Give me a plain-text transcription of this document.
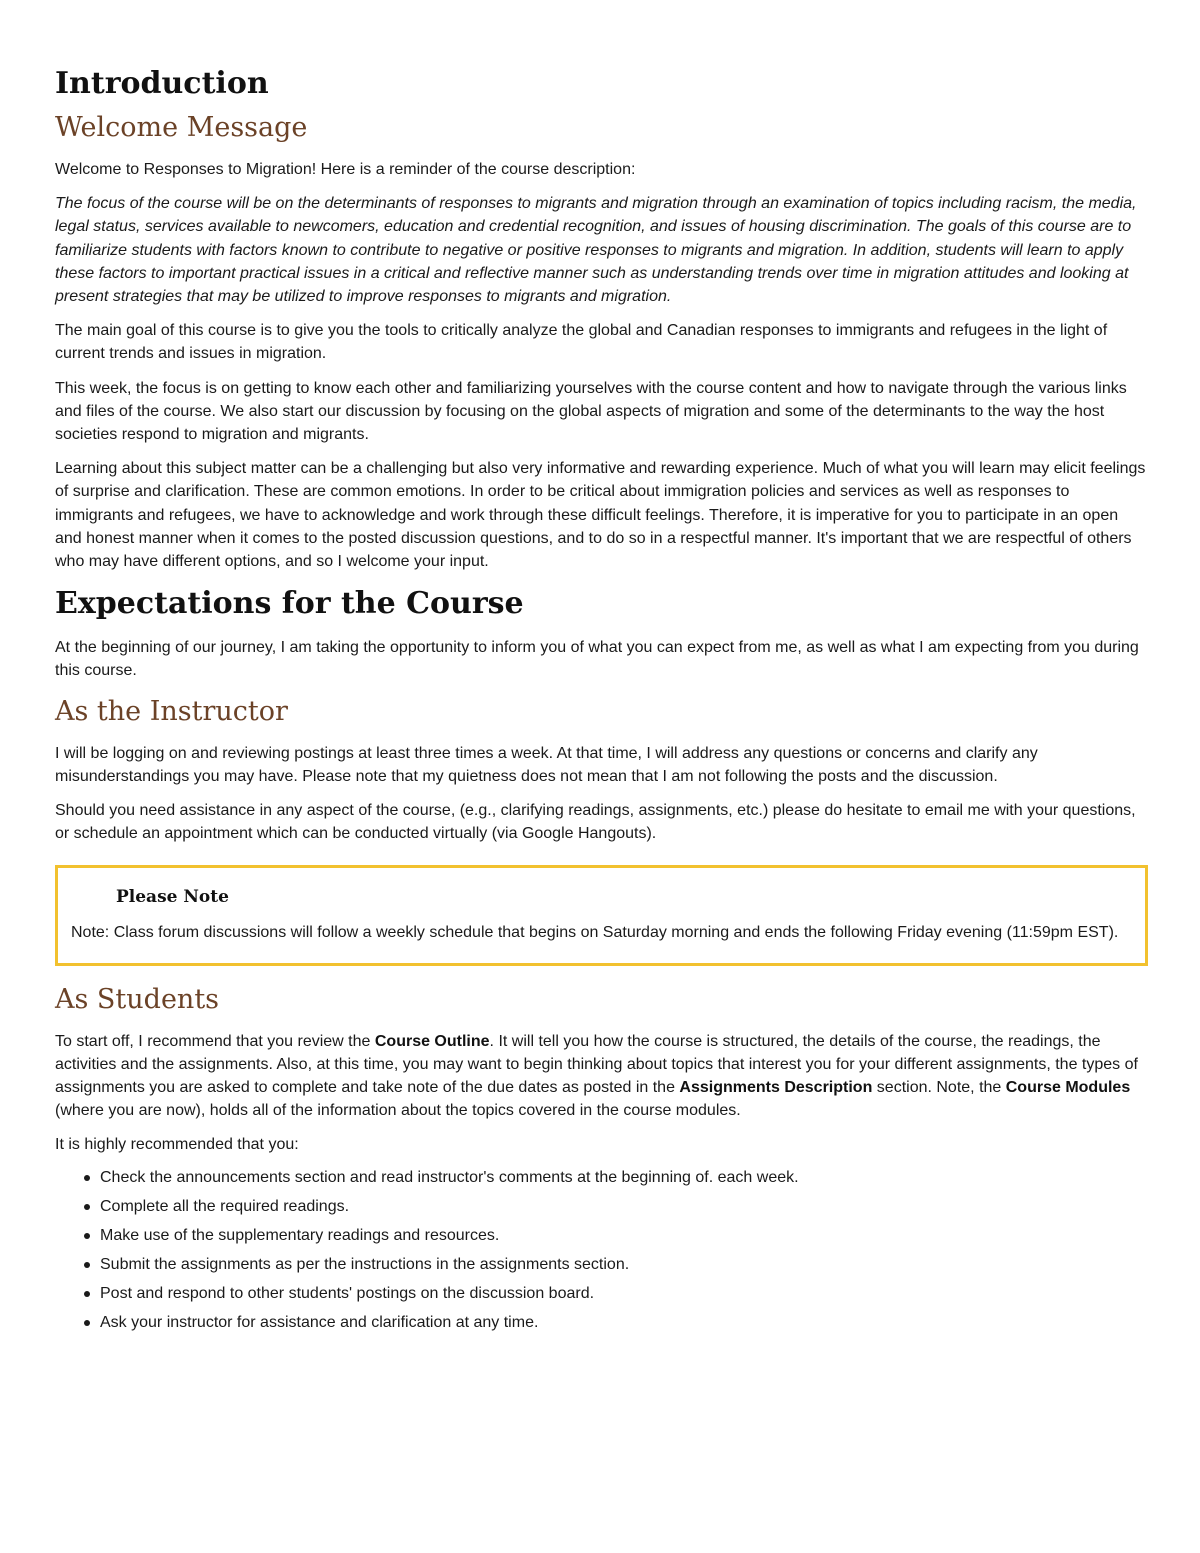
Introduction
Welcome Message

Welcome to Responses to Migration! Here is a reminder of the course description:

The focus of the course will be on the determinants of responses to migrants and migration through an examination of topics including racism, the media, legal status, services available to newcomers, education and credential recognition, and issues of housing discrimination. The goals of this course are to familiarize students with factors known to contribute to negative or positive responses to migrants and migration. In addition, students will learn to apply these factors to important practical issues in a critical and reflective manner such as understanding trends over time in migration attitudes and looking at present strategies that may be utilized to improve responses to migrants and migration.

The main goal of this course is to give you the tools to critically analyze the global and Canadian responses to immigrants and refugees in the light of current trends and issues in migration.

This week, the focus is on getting to know each other and familiarizing yourselves with the course content and how to navigate through the various links and files of the course. We also start our discussion by focusing on the global aspects of migration and some of the determinants to the way the host societies respond to migration and migrants.

Learning about this subject matter can be a challenging but also very informative and rewarding experience. Much of what you will learn may elicit feelings of surprise and clarification. These are common emotions. In order to be critical about immigration policies and services as well as responses to immigrants and refugees, we have to acknowledge and work through these difficult feelings. Therefore, it is imperative for you to participate in an open and honest manner when it comes to the posted discussion questions, and to do so in a respectful manner. It's important that we are respectful of others who may have different options, and so I welcome your input.

Expectations for the Course

At the beginning of our journey, I am taking the opportunity to inform you of what you can expect from me, as well as what I am expecting from you during this course.

As the Instructor

I will be logging on and reviewing postings at least three times a week. At that time, I will address any questions or concerns and clarify any misunderstandings you may have. Please note that my quietness does not mean that I am not following the posts and the discussion.

Should you need assistance in any aspect of the course, (e.g., clarifying readings, assignments, etc.) please do hesitate to email me with your questions, or schedule an appointment which can be conducted virtually (via Google Hangouts).

Please Note

Note: Class forum discussions will follow a weekly schedule that begins on Saturday morning and ends the following Friday evening (11:59pm EST).

As Students

To start off, I recommend that you review the Course Outline. It will tell you how the course is structured, the details of the course, the readings, the activities and the assignments. Also, at this time, you may want to begin thinking about topics that interest you for your different assignments, the types of assignments you are asked to complete and take note of the due dates as posted in the Assignments Description section. Note, the Course Modules (where you are now), holds all of the information about the topics covered in the course modules.

It is highly recommended that you:

Check the announcements section and read instructor's comments at the beginning of. each week.
Complete all the required readings.
Make use of the supplementary readings and resources.
Submit the assignments as per the instructions in the assignments section.
Post and respond to other students' postings on the discussion board.
Ask your instructor for assistance and clarification at any time.
